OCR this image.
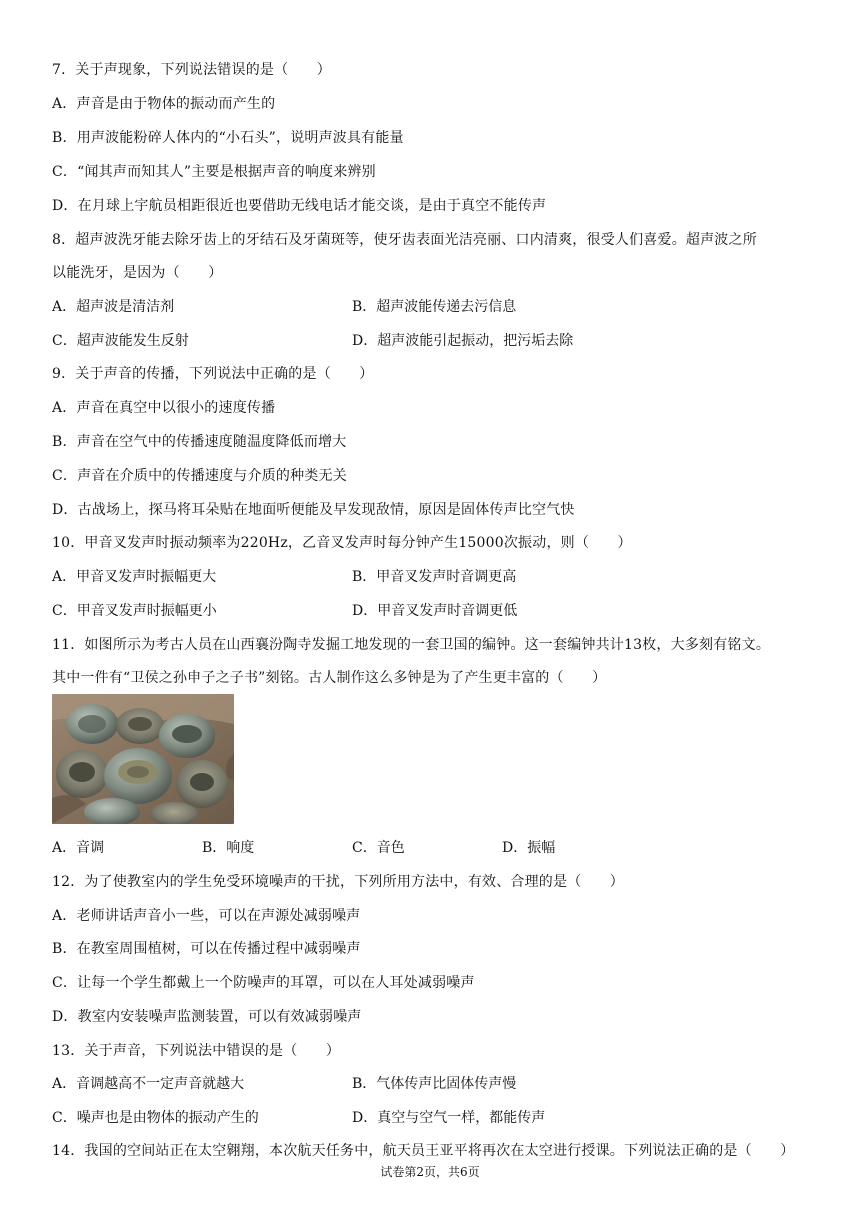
7．关于声现象，下列说法错误的是（　　）
A．声音是由于物体的振动而产生的
B．用声波能粉碎人体内的“小石头”，说明声波具有能量
C．“闻其声而知其人”主要是根据声音的响度来辨别
D．在月球上宇航员相距很近也要借助无线电话才能交谈，是由于真空不能传声
8．超声波洗牙能去除牙齿上的牙结石及牙菌斑等，使牙齿表面光洁亮丽、口内清爽，很受人们喜爱。超声波之所
以能洗牙，是因为（　　）
A．超声波是清洁剂	B．超声波能传递去污信息
C．超声波能发生反射	D．超声波能引起振动，把污垢去除
9．关于声音的传播，下列说法中正确的是（　　）
A．声音在真空中以很小的速度传播
B．声音在空气中的传播速度随温度降低而增大
C．声音在介质中的传播速度与介质的种类无关
D．古战场上，探马将耳朵贴在地面听便能及早发现敌情，原因是固体传声比空气快
10．甲音叉发声时振动频率为220Hz，乙音叉发声时每分钟产生15000次振动，则（　　）
A．甲音叉发声时振幅更大	B．甲音叉发声时音调更高
C．甲音叉发声时振幅更小	D．甲音叉发声时音调更低
11．如图所示为考古人员在山西襄汾陶寺发掘工地发现的一套卫国的编钟。这一套编钟共计13枚，大多刻有铭文。
其中一件有“卫侯之孙申子之子书”刻铭。古人制作这么多钟是为了产生更丰富的（　　）
A．音调	B．响度	C．音色	D．振幅
12．为了使教室内的学生免受环境噪声的干扰，下列所用方法中，有效、合理的是（　　）
A．老师讲话声音小一些，可以在声源处减弱噪声
B．在教室周围植树，可以在传播过程中减弱噪声
C．让每一个学生都戴上一个防噪声的耳罩，可以在人耳处减弱噪声
D．教室内安装噪声监测装置，可以有效减弱噪声
13．关于声音，下列说法中错误的是（　　）
A．音调越高不一定声音就越大	B．气体传声比固体传声慢
C．噪声也是由物体的振动产生的	D．真空与空气一样，都能传声
14．我国的空间站正在太空翱翔，本次航天任务中，航天员王亚平将再次在太空进行授课。下列说法正确的是（　　）
试卷第2页，共6页
